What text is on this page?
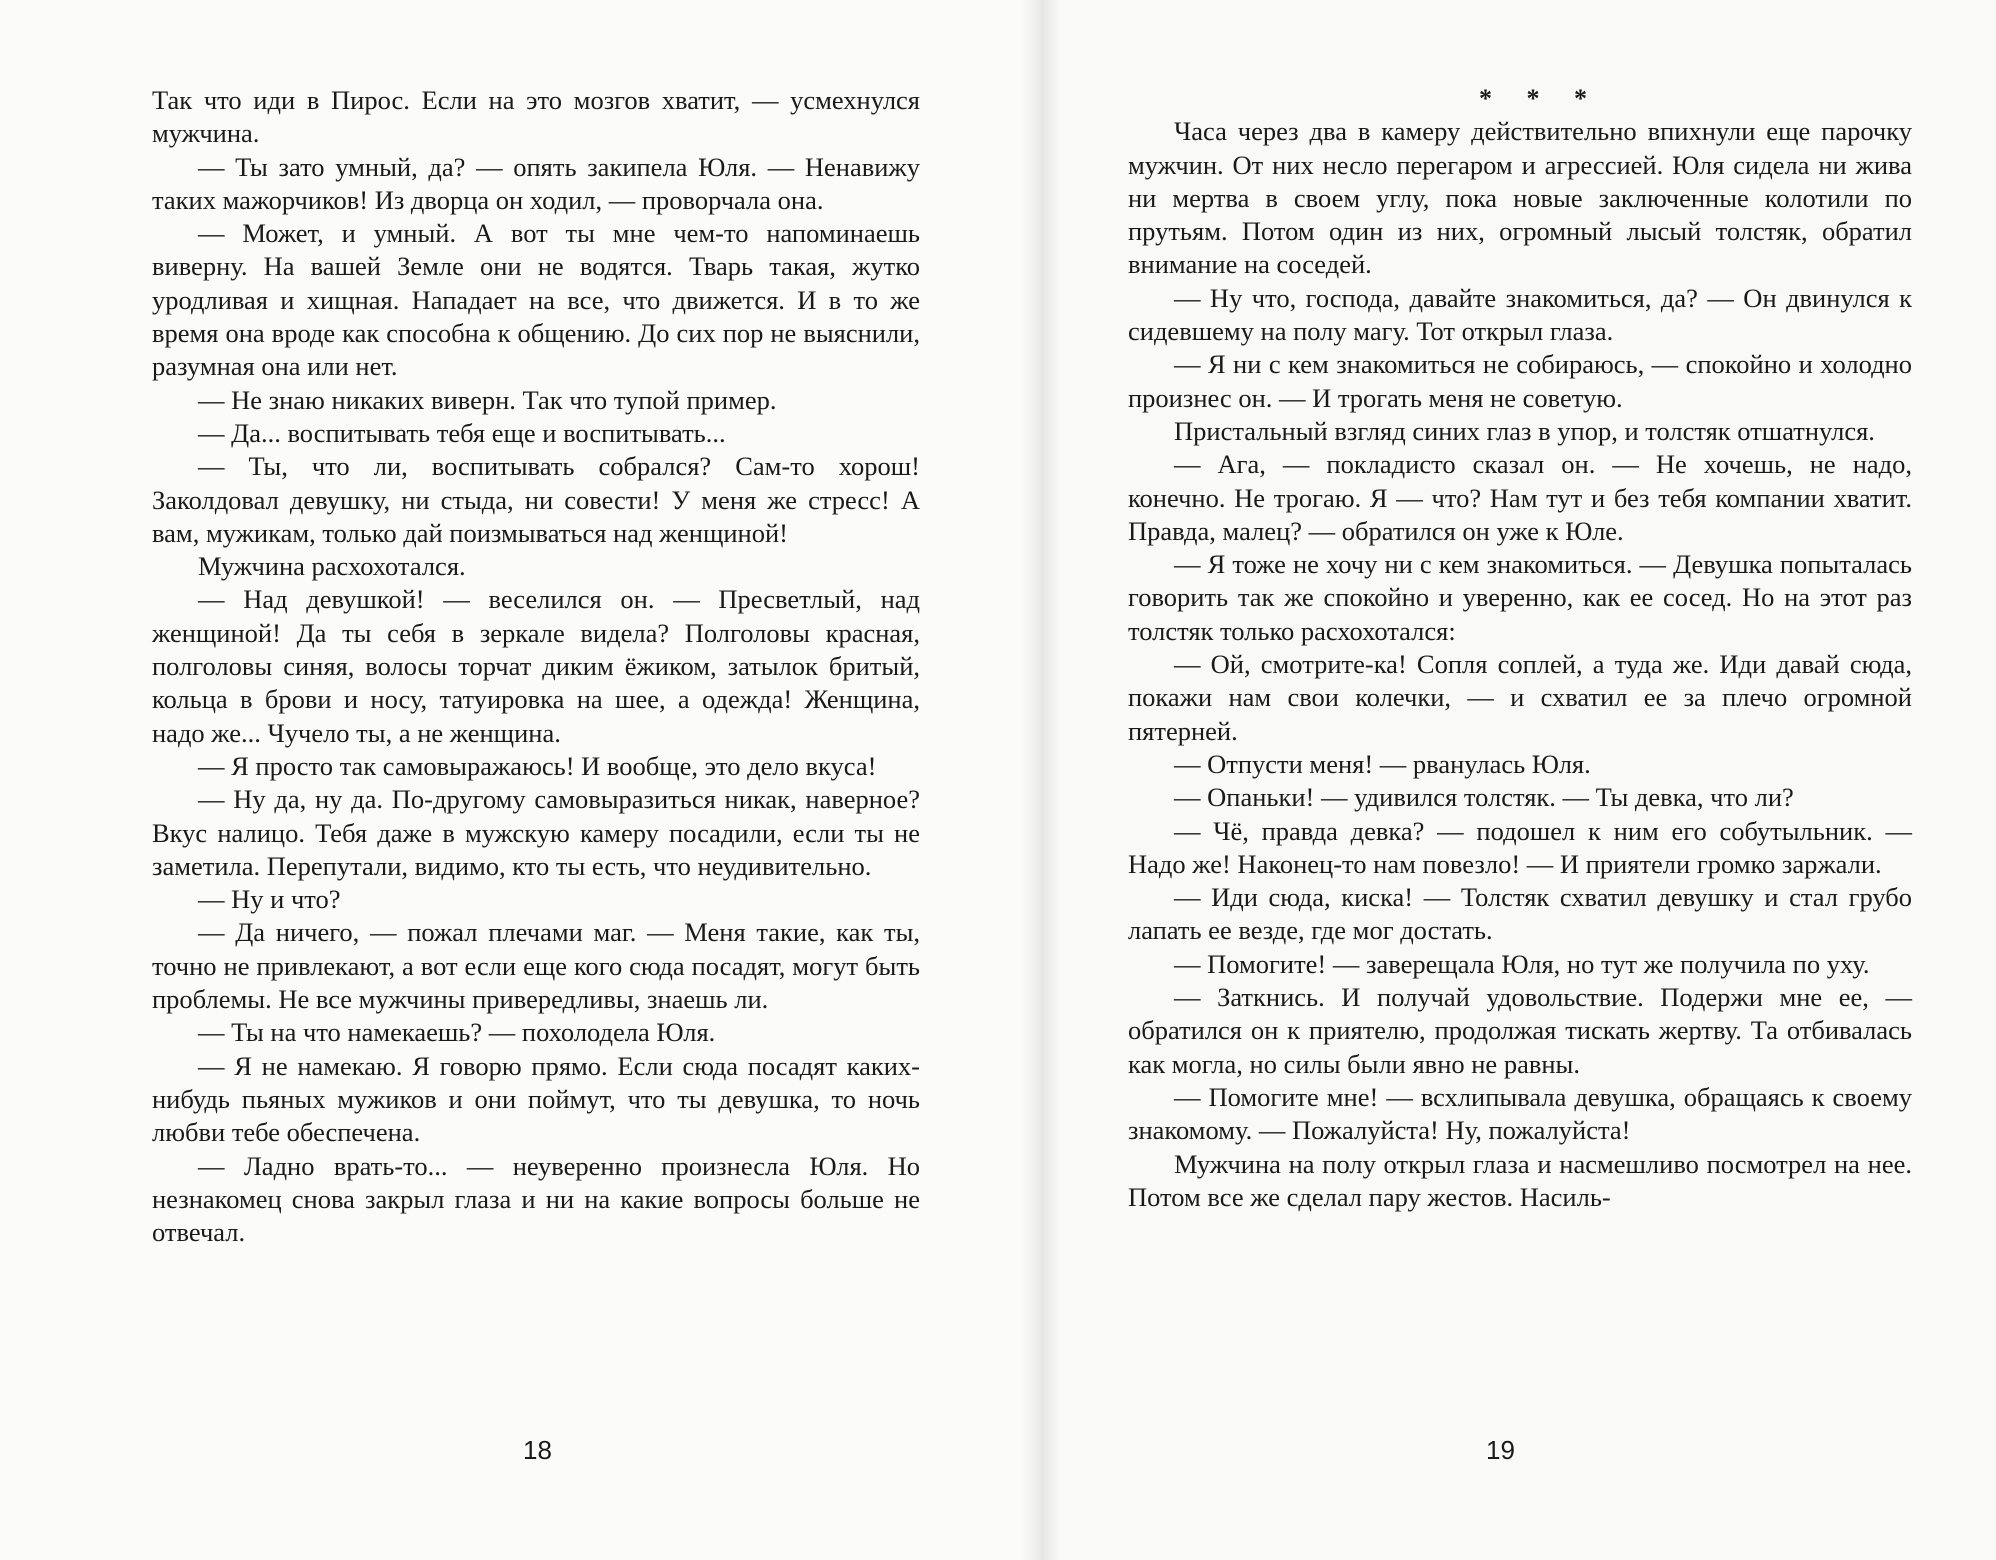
Так что иди в Пирос. Если на это мозгов хватит, — усмехнулся мужчина.

— Ты зато умный, да? — опять закипела Юля. — Ненавижу таких мажорчиков! Из дворца он ходил, — проворчала она.

— Может, и умный. А вот ты мне чем-то напоминаешь виверну. На вашей Земле они не водятся. Тварь такая, жутко уродливая и хищная. Нападает на все, что движется. И в то же время она вроде как способна к общению. До сих пор не выяснили, разумная она или нет.

— Не знаю никаких виверн. Так что тупой пример.

— Да... воспитывать тебя еще и воспитывать...

— Ты, что ли, воспитывать собрался? Сам-то хорош! Заколдовал девушку, ни стыда, ни совести! У меня же стресс! А вам, мужикам, только дай поизмываться над женщиной!

Мужчина расхохотался.

— Над девушкой! — веселился он. — Пресветлый, над женщиной! Да ты себя в зеркале видела? Полголовы красная, полголовы синяя, волосы торчат диким ёжиком, затылок бритый, кольца в брови и носу, татуировка на шее, а одежда! Женщина, надо же... Чучело ты, а не женщина.

— Я просто так самовыражаюсь! И вообще, это дело вкуса!

— Ну да, ну да. По-другому самовыразиться никак, наверное? Вкус налицо. Тебя даже в мужскую камеру посадили, если ты не заметила. Перепутали, видимо, кто ты есть, что неудивительно.

— Ну и что?

— Да ничего, — пожал плечами маг. — Меня такие, как ты, точно не привлекают, а вот если еще кого сюда посадят, могут быть проблемы. Не все мужчины привередливы, знаешь ли.

— Ты на что намекаешь? — похолодела Юля.

— Я не намекаю. Я говорю прямо. Если сюда посадят каких-нибудь пьяных мужиков и они поймут, что ты девушка, то ночь любви тебе обеспечена.

— Ладно врать-то... — неуверенно произнесла Юля. Но незнакомец снова закрыл глаза и ни на какие вопросы больше не отвечал.

18
* * *

Часа через два в камеру действительно впихнули еще парочку мужчин. От них несло перегаром и агрессией. Юля сидела ни жива ни мертва в своем углу, пока новые заключенные колотили по прутьям. Потом один из них, огромный лысый толстяк, обратил внимание на соседей.

— Ну что, господа, давайте знакомиться, да? — Он двинулся к сидевшему на полу магу. Тот открыл глаза.

— Я ни с кем знакомиться не собираюсь, — спокойно и холодно произнес он. — И трогать меня не советую.

Пристальный взгляд синих глаз в упор, и толстяк отшатнулся.

— Ага, — покладисто сказал он. — Не хочешь, не надо, конечно. Не трогаю. Я — что? Нам тут и без тебя компании хватит. Правда, малец? — обратился он уже к Юле.

— Я тоже не хочу ни с кем знакомиться. — Девушка попыталась говорить так же спокойно и уверенно, как ее сосед. Но на этот раз толстяк только расхохотался:

— Ой, смотрите-ка! Сопля соплей, а туда же. Иди давай сюда, покажи нам свои колечки, — и схватил ее за плечо огромной пятерней.

— Отпусти меня! — рванулась Юля.

— Опаньки! — удивился толстяк. — Ты девка, что ли?

— Чё, правда девка? — подошел к ним его собутыльник. — Надо же! Наконец-то нам повезло! — И приятели громко заржали.

— Иди сюда, киска! — Толстяк схватил девушку и стал грубо лапать ее везде, где мог достать.

— Помогите! — заверещала Юля, но тут же получила по уху.

— Заткнись. И получай удовольствие. Подержи мне ее, — обратился он к приятелю, продолжая тискать жертву. Та отбивалась как могла, но силы были явно не равны.

— Помогите мне! — всхлипывала девушка, обращаясь к своему знакомому. — Пожалуйста! Ну, пожалуйста!

Мужчина на полу открыл глаза и насмешливо посмотрел на нее. Потом все же сделал пару жестов. Насиль-

19
